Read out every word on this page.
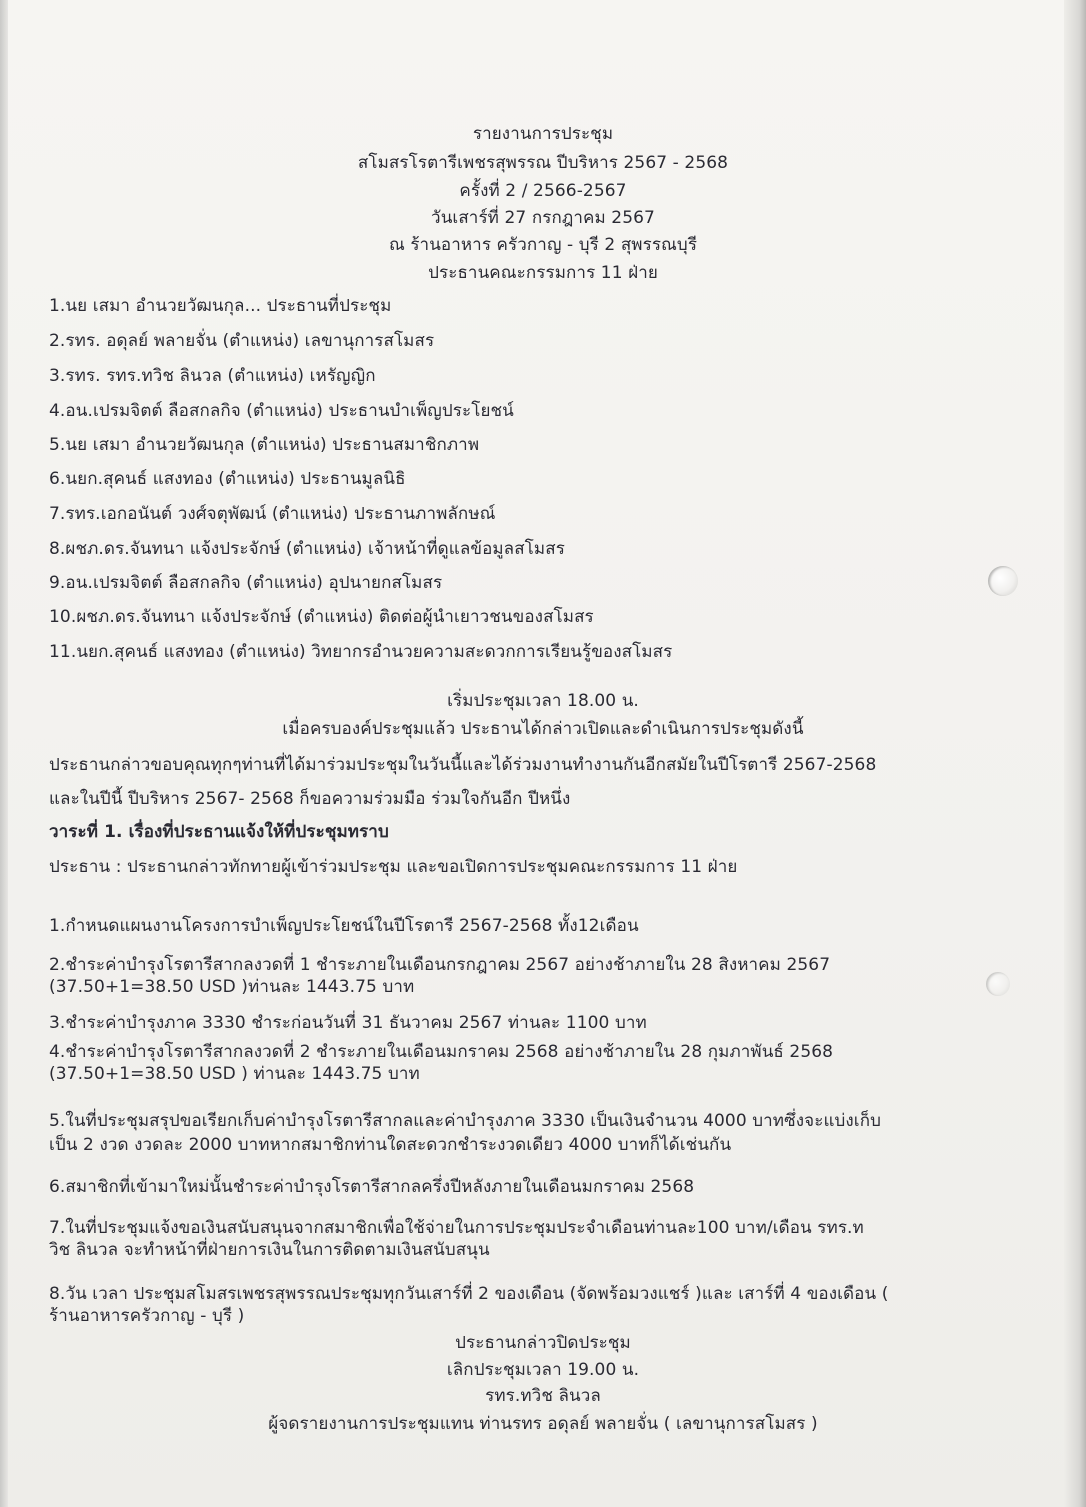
รายงานการประชุม
สโมสรโรตารีเพชรสุพรรณ ปีบริหาร 2567 - 2568
ครั้งที่ 2 / 2566-2567
วันเสาร์ที่ 27 กรกฎาคม 2567
ณ ร้านอาหาร ครัวกาญ - บุรี 2 สุพรรณบุรี
ประธานคณะกรรมการ 11 ฝ่าย
1.นย เสมา อำนวยวัฒนกุล... ประธานที่ประชุม
2.รทร. อดุลย์ พลายจั่น (ตำแหน่ง) เลขานุการสโมสร
3.รทร. รทร.ทวิช ลินวล (ตำแหน่ง) เหรัญญิก
4.อน.เปรมจิตต์ ลือสกลกิจ (ตำแหน่ง) ประธานบำเพ็ญประโยชน์
5.นย เสมา อำนวยวัฒนกุล (ตำแหน่ง) ประธานสมาชิกภาพ
6.นยก.สุคนธ์ แสงทอง (ตำแหน่ง) ประธานมูลนิธิ
7.รทร.เอกอนันต์ วงศ์จตุพัฒน์ (ตำแหน่ง) ประธานภาพลักษณ์
8.ผชภ.ดร.จันทนา แจ้งประจักษ์ (ตำแหน่ง) เจ้าหน้าที่ดูแลข้อมูลสโมสร
9.อน.เปรมจิตต์ ลือสกลกิจ (ตำแหน่ง) อุปนายกสโมสร
10.ผชภ.ดร.จันทนา แจ้งประจักษ์ (ตำแหน่ง) ติดต่อผู้นำเยาวชนของสโมสร
11.นยก.สุคนธ์ แสงทอง (ตำแหน่ง) วิทยากรอำนวยความสะดวกการเรียนรู้ของสโมสร
เริ่มประชุมเวลา 18.00 น.
เมื่อครบองค์ประชุมแล้ว ประธานได้กล่าวเปิดและดำเนินการประชุมดังนี้
ประธานกล่าวขอบคุณทุกๆท่านที่ได้มาร่วมประชุมในวันนี้และได้ร่วมงานทำงานกันอีกสมัยในปีโรตารี 2567-2568
และในปีนี้ ปีบริหาร 2567- 2568 ก็ขอความร่วมมือ ร่วมใจกันอีก ปีหนึ่ง
วาระที่ 1. เรื่องที่ประธานแจ้งให้ที่ประชุมทราบ
ประธาน : ประธานกล่าวทักทายผู้เข้าร่วมประชุม และขอเปิดการประชุมคณะกรรมการ 11 ฝ่าย
1.กำหนดแผนงานโครงการบำเพ็ญประโยชน์ในปีโรตารี 2567-2568 ทั้ง12เดือน
2.ชำระค่าบำรุงโรตารีสากลงวดที่ 1 ชำระภายในเดือนกรกฎาคม 2567 อย่างช้าภายใน 28 สิงหาคม 2567
(37.50+1=38.50 USD )ท่านละ 1443.75 บาท
3.ชำระค่าบำรุงภาค 3330 ชำระก่อนวันที่ 31 ธันวาคม 2567 ท่านละ 1100 บาท
4.ชำระค่าบำรุงโรตารีสากลงวดที่ 2 ชำระภายในเดือนมกราคม 2568 อย่างช้าภายใน 28 กุมภาพันธ์ 2568
(37.50+1=38.50 USD ) ท่านละ 1443.75 บาท
5.ในที่ประชุมสรุปขอเรียกเก็บค่าบำรุงโรตารีสากลและค่าบำรุงภาค 3330 เป็นเงินจำนวน 4000 บาทซึ่งจะแบ่งเก็บ
เป็น 2 งวด งวดละ 2000 บาทหากสมาชิกท่านใดสะดวกชำระงวดเดียว 4000 บาทก็ได้เช่นกัน
6.สมาชิกที่เข้ามาใหม่นั้นชำระค่าบำรุงโรตารีสากลครึ่งปีหลังภายในเดือนมกราคม 2568
7.ในที่ประชุมแจ้งขอเงินสนับสนุนจากสมาชิกเพื่อใช้จ่ายในการประชุมประจำเดือนท่านละ100 บาท/เดือน รทร.ท
วิช ลินวล จะทำหน้าที่ฝ่ายการเงินในการติดตามเงินสนับสนุน
8.วัน เวลา ประชุมสโมสรเพชรสุพรรณประชุมทุกวันเสาร์ที่ 2 ของเดือน (จัดพร้อมวงแชร์ )และ เสาร์ที่ 4 ของเดือน (
ร้านอาหารครัวกาญ - บุรี )
ประธานกล่าวปิดประชุม
เลิกประชุมเวลา 19.00 น.
รทร.ทวิช ลินวล
ผู้จดรายงานการประชุมแทน ท่านรทร อดุลย์ พลายจั่น ( เลขานุการสโมสร )
